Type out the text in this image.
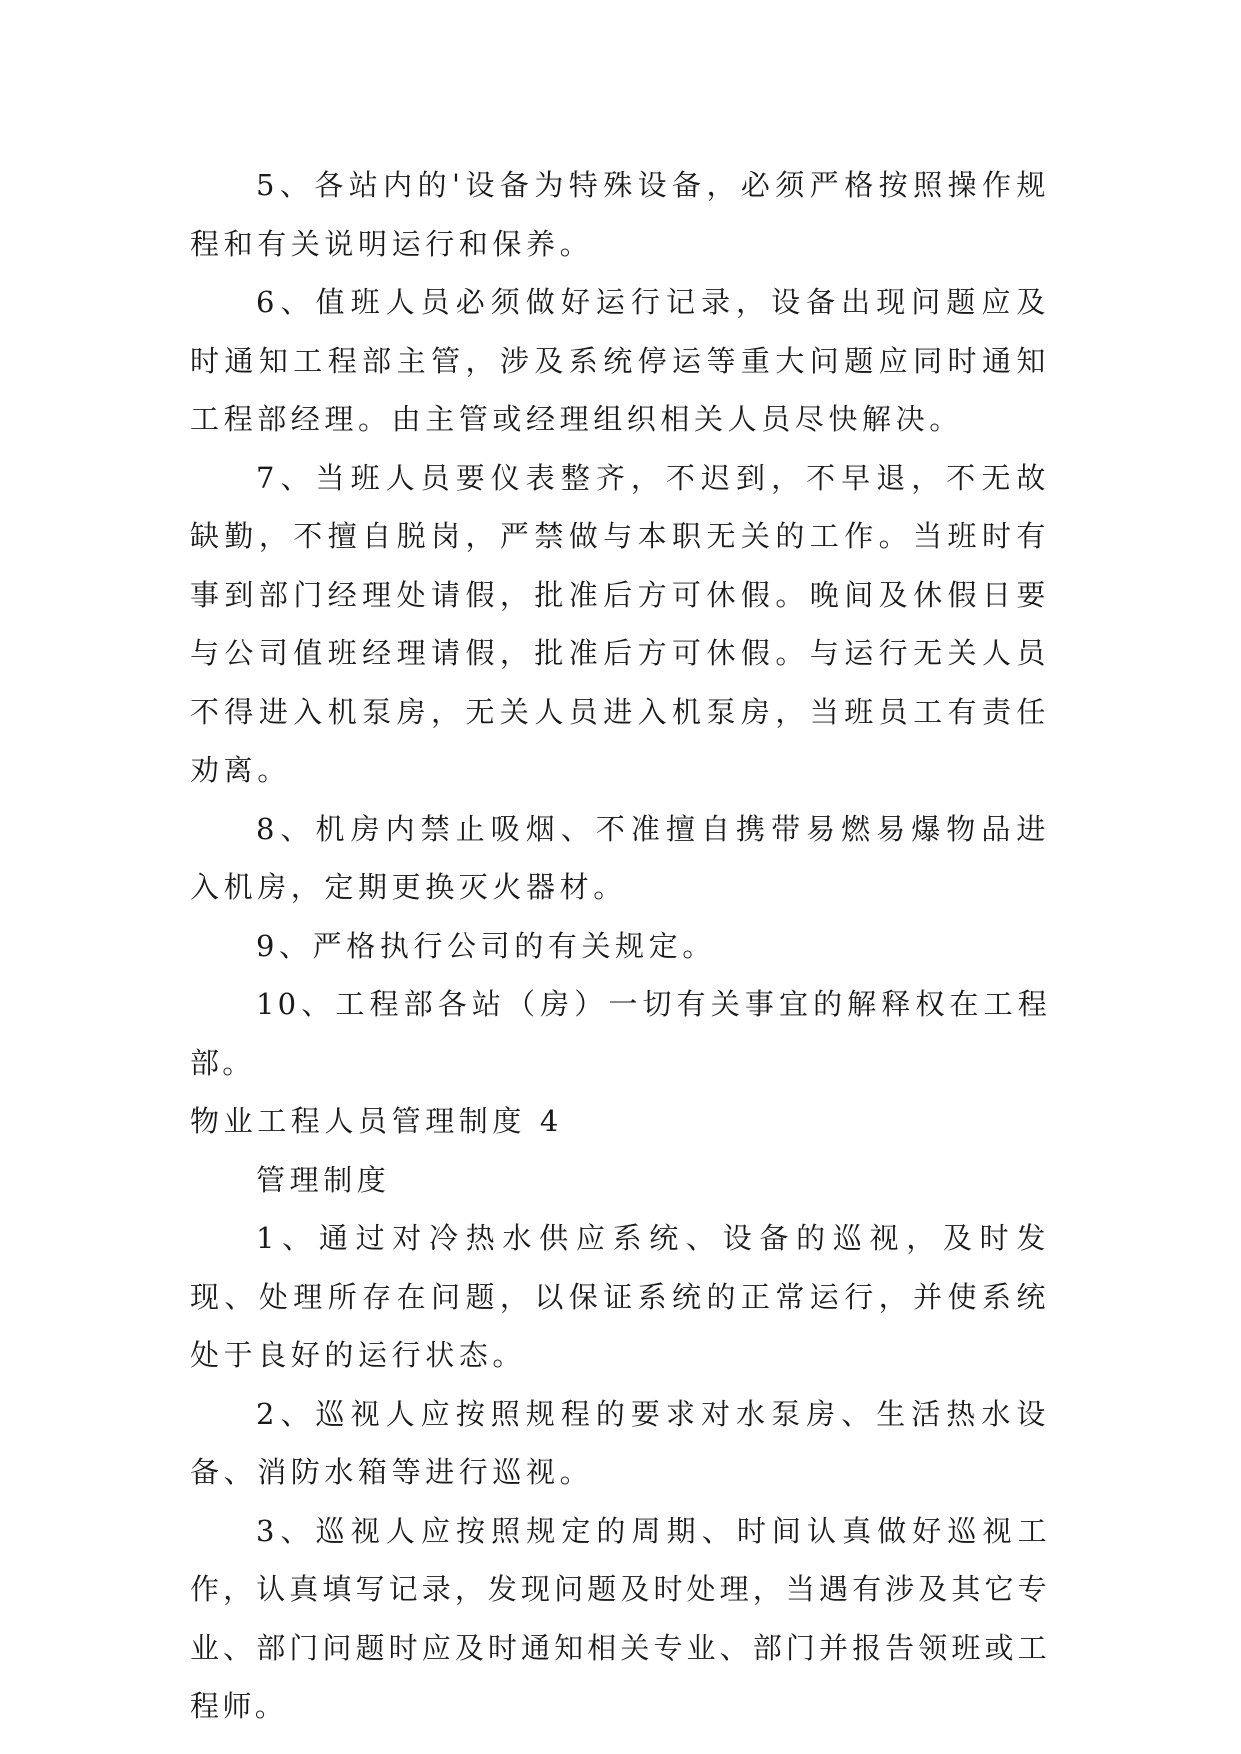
5、各站内的'设备为特殊设备，必须严格按照操作规程和有关说明运行和保养。

6、值班人员必须做好运行记录，设备出现问题应及时通知工程部主管，涉及系统停运等重大问题应同时通知工程部经理。由主管或经理组织相关人员尽快解决。

7、当班人员要仪表整齐，不迟到，不早退，不无故缺勤，不擅自脱岗，严禁做与本职无关的工作。当班时有事到部门经理处请假，批准后方可休假。晚间及休假日要与公司值班经理请假，批准后方可休假。与运行无关人员不得进入机泵房，无关人员进入机泵房，当班员工有责任劝离。

8、机房内禁止吸烟、不准擅自携带易燃易爆物品进入机房，定期更换灭火器材。

9、严格执行公司的有关规定。

10、工程部各站（房）一切有关事宜的解释权在工程部。

物业工程人员管理制度 4

管理制度

1、通过对冷热水供应系统、设备的巡视，及时发现、处理所存在问题，以保证系统的正常运行，并使系统处于良好的运行状态。

2、巡视人应按照规程的要求对水泵房、生活热水设备、消防水箱等进行巡视。

3、巡视人应按照规定的周期、时间认真做好巡视工作，认真填写记录，发现问题及时处理，当遇有涉及其它专业、部门问题时应及时通知相关专业、部门并报告领班或工程师。
